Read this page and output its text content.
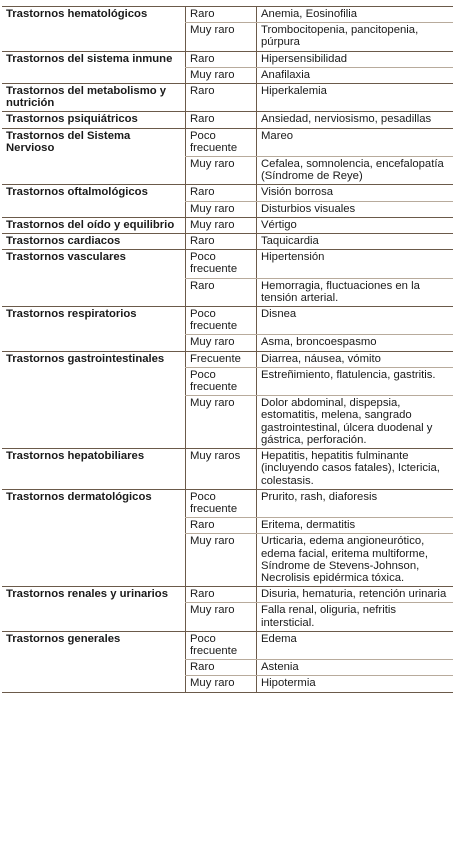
Trastornos hematológicos	Raro	Anemia, Eosinofilia
	Muy raro	Trombocitopenia, pancitopenia, púrpura
Trastornos del sistema inmune	Raro	Hipersensibilidad
	Muy raro	Anafilaxia
Trastornos del metabolismo y nutrición	Raro	Hiperkalemia
Trastornos psiquiátricos	Raro	Ansiedad, nerviosismo, pesadillas
Trastornos del Sistema Nervioso	Poco frecuente	Mareo
	Muy raro	Cefalea, somnolencia, encefalopatía (Síndrome de Reye)
Trastornos oftalmológicos	Raro	Visión borrosa
	Muy raro	Disturbios visuales
Trastornos del oído y equilibrio	Muy raro	Vértigo
Trastornos cardiacos	Raro	Taquicardia
Trastornos vasculares	Poco frecuente	Hipertensión
	Raro	Hemorragia, fluctuaciones en la tensión arterial.
Trastornos respiratorios	Poco frecuente	Disnea
	Muy raro	Asma, broncoespasmo
Trastornos gastrointestinales	Frecuente	Diarrea, náusea, vómito
	Poco frecuente	Estreñimiento, flatulencia, gastritis.
	Muy raro	Dolor abdominal, dispepsia, estomatitis, melena, sangrado gastrointestinal, úlcera duodenal y gástrica, perforación.
Trastornos hepatobiliares	Muy raros	Hepatitis, hepatitis fulminante (incluyendo casos fatales), Ictericia, colestasis.
Trastornos dermatológicos	Poco frecuente	Prurito, rash, diaforesis
	Raro	Eritema, dermatitis
	Muy raro	Urticaria, edema angioneurótico, edema facial, eritema multiforme, Síndrome de Stevens-Johnson, Necrolisis epidérmica tóxica.
Trastornos renales y urinarios	Raro	Disuria, hematuria, retención urinaria
	Muy raro	Falla renal, oliguria, nefritis intersticial.
Trastornos generales	Poco frecuente	Edema
	Raro	Astenia
	Muy raro	Hipotermia
